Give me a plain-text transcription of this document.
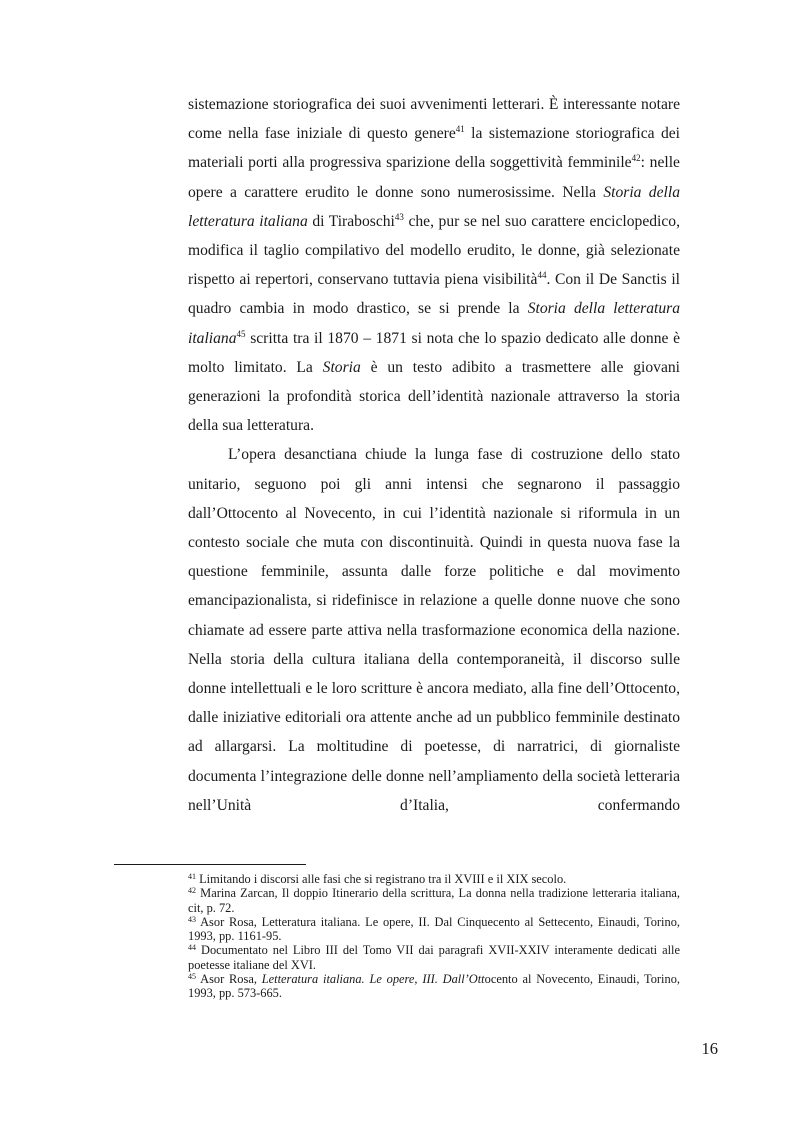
sistemazione storiografica dei suoi avvenimenti letterari. È interessante notare come nella fase iniziale di questo genere$^{41}$ la sistemazione storiografica dei materiali porti alla progressiva sparizione della soggettività femminile$^{42}$: nelle opere a carattere erudito le donne sono numerosissime. Nella Storia della letteratura italiana di Tiraboschi$^{43}$ che, pur se nel suo carattere enciclopedico, modifica il taglio compilativo del modello erudito, le donne, già selezionate rispetto ai repertori, conservano tuttavia piena visibilità$^{44}$. Con il De Sanctis il quadro cambia in modo drastico, se si prende la Storia della letteratura italiana$^{45}$ scritta tra il 1870 – 1871 si nota che lo spazio dedicato alle donne è molto limitato. La Storia è un testo adibito a trasmettere alle giovani generazioni la profondità storica dell’identità nazionale attraverso la storia della sua letteratura.

L’opera desanctiana chiude la lunga fase di costruzione dello stato unitario, seguono poi gli anni intensi che segnarono il passaggio dall’Ottocento al Novecento, in cui l’identità nazionale si riformula in un contesto sociale che muta con discontinuità. Quindi in questa nuova fase la questione femminile, assunta dalle forze politiche e dal movimento emancipazionalista, si ridefinisce in relazione a quelle donne nuove che sono chiamate ad essere parte attiva nella trasformazione economica della nazione. Nella storia della cultura italiana della contemporaneità, il discorso sulle donne intellettuali e le loro scritture è ancora mediato, alla fine dell’Ottocento, dalle iniziative editoriali ora attente anche ad un pubblico femminile destinato ad allargarsi. La moltitudine di poetesse, di narratrici, di giornaliste documenta l’integrazione delle donne nell’ampliamento della società letteraria nell’Unità d’Italia, confermando

$^{41}$ Limitando i discorsi alle fasi che si registrano tra il XVIII e il XIX secolo.

$^{42}$ Marina Zarcan, Il doppio Itinerario della scrittura, La donna nella tradizione letteraria italiana, cit, p. 72.

$^{43}$ Asor Rosa, Letteratura italiana. Le opere, II. Dal Cinquecento al Settecento, Einaudi, Torino, 1993, pp. 1161-95.

$^{44}$ Documentato nel Libro III del Tomo VII dai paragrafi XVII-XXIV interamente dedicati alle poetesse italiane del XVI.

$^{45}$ Asor Rosa, Letteratura italiana. Le opere, III. Dall’Ottocento al Novecento, Einaudi, Torino, 1993, pp. 573-665.

16
